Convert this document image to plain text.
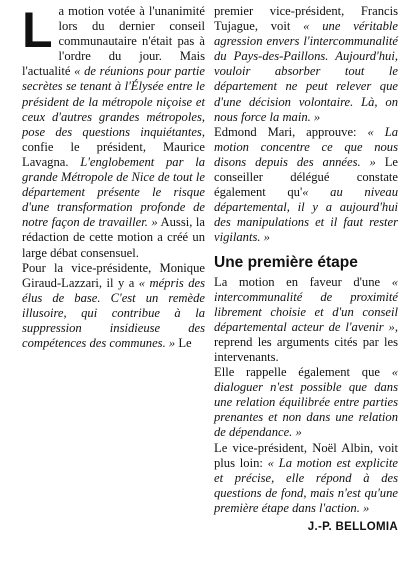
L a motion votée à l'unanimité lors du dernier conseil communautaire n'était pas à l'ordre du jour. Mais l'actualité « de réunions pour partie secrètes se tenant à l'Élysée entre le président de la métropole niçoise et ceux d'autres grandes métropoles, pose des questions inquiétantes, confie le président, Maurice Lavagna. L'englobement par la grande Métropole de Nice de tout le département présente le risque d'une transformation profonde de notre façon de travailler. » Aussi, la rédaction de cette motion a créé un large débat consensuel.

Pour la vice-présidente, Monique Giraud-Lazzari, il y a « mépris des élus de base. C'est un remède illusoire, qui contribue à la suppression insidieuse des compétences des communes. » Le

premier vice-président, Francis Tujague, voit « une véritable agression envers l'intercommunalité du Pays-des-Paillons. Aujourd'hui, vouloir absorber tout le département ne peut relever que d'une décision volontaire. Là, on nous force la main. »

Edmond Mari, approuve: « La motion concentre ce que nous disons depuis des années. » Le conseiller délégué constate également qu'« au niveau départemental, il y a aujourd'hui des manipulations et il faut rester vigilants. »

Une première étape

La motion en faveur d'une « intercommunalité de proximité librement choisie et d'un conseil départemental acteur de l'avenir », reprend les arguments cités par les intervenants.

Elle rappelle également que « dialoguer n'est possible que dans une relation équilibrée entre parties prenantes et non dans une relation de dépendance. »

Le vice-président, Noël Albin, voit plus loin: « La motion est explicite et précise, elle répond à des questions de fond, mais n'est qu'une première étape dans l'action. »

J.-P. BELLOMIA
